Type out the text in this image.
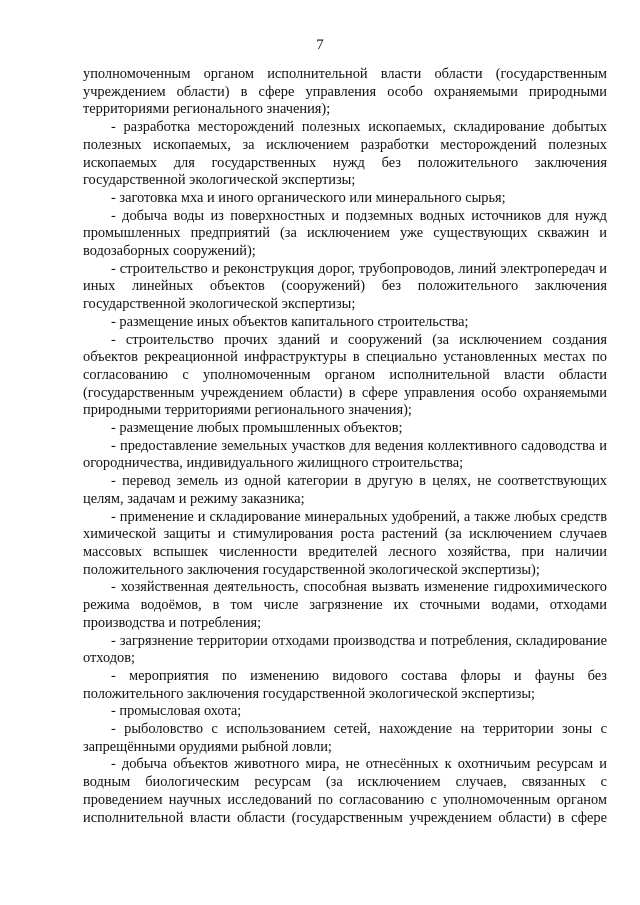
7

уполномоченным органом исполнительной власти области (государственным учреждением области) в сфере управления особо охраняемыми природными территориями регионального значения);

- разработка месторождений полезных ископаемых, складирование добытых полезных ископаемых, за исключением разработки месторождений полезных ископаемых для государственных нужд без положительного заключения государственной экологической экспертизы;

- заготовка мха и иного органического или минерального сырья;

- добыча воды из поверхностных и подземных водных источников для нужд промышленных предприятий (за исключением уже существующих скважин и водозаборных сооружений);

- строительство и реконструкция дорог, трубопроводов, линий электропередач и иных линейных объектов (сооружений) без положительного заключения государственной экологической экспертизы;

- размещение иных объектов капитального строительства;

- строительство прочих зданий и сооружений (за исключением создания объектов рекреационной инфраструктуры в специально установленных местах по согласованию с уполномоченным органом исполнительной власти области (государственным учреждением области) в сфере управления особо охраняемыми природными территориями регионального значения);

- размещение любых промышленных объектов;

- предоставление земельных участков для ведения коллективного садоводства и огородничества, индивидуального жилищного строительства;

- перевод земель из одной категории в другую в целях, не соответствующих целям, задачам и режиму заказника;

- применение и складирование минеральных удобрений, а также любых средств химической защиты и стимулирования роста растений (за исключением случаев массовых вспышек численности вредителей лесного хозяйства, при наличии положительного заключения государственной экологической экспертизы);

- хозяйственная деятельность, способная вызвать изменение гидрохимического режима водоёмов, в том числе загрязнение их сточными водами, отходами производства и потребления;

- загрязнение территории отходами производства и потребления, складирование отходов;

- мероприятия по изменению видового состава флоры и фауны без положительного заключения государственной экологической экспертизы;

- промысловая охота;

- рыболовство с использованием сетей, нахождение на территории зоны с запрещёнными орудиями рыбной ловли;

- добыча объектов животного мира, не отнесённых к охотничьим ресурсам и водным биологическим ресурсам (за исключением случаев, связанных с проведением научных исследований по согласованию с уполномоченным органом исполнительной власти области (государственным учреждением области) в сфере
